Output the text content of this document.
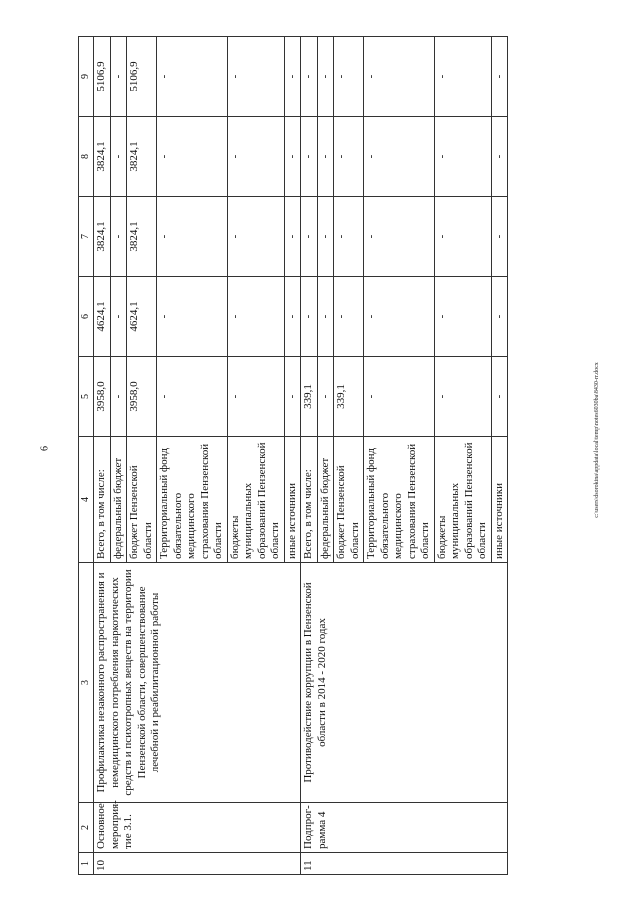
6
1	2	3	4	5	6	7	8	9
10	Основное мероприя-тие 3.1.	Профилактика незаконного распространения и немедицинского потребления наркотических средств и психотропных веществ на территории Пензенской области, совершенствование лечебной и реабилитационной работы	Всего, в том числе:	3958,0	4624,1	3824,1	3824,1	5106,9
			федеральный бюджет	-	-	-	-	-
			бюджет Пензенской области	3958,0	4624,1	3824,1	3824,1	5106,9
			Территориальный фонд обязательного медицинского страхования Пензенской области	-	-	-	-	-
			бюджеты муниципальных образований Пензенской области	-	-	-	-	-
			иные источники	-	-	-	-	-
11	Подпрог-рамма 4	Противодействие коррупции в Пензенской области в 2014 - 2020 годах	Всего, в том числе:	339,1	-	-	-	-
			федеральный бюджет	-	-	-	-	-
			бюджет Пензенской области	339,1	-	-	-	-
			Территориальный фонд обязательного медицинского страхования Пензенской области	-	-	-	-	-
			бюджеты муниципальных образований Пензенской области	-	-	-	-	-
			иные источники	-	-	-	-	-
c:\users\dsorokina\appdata\local\temp\notes6030ba\8430-rr.docx
